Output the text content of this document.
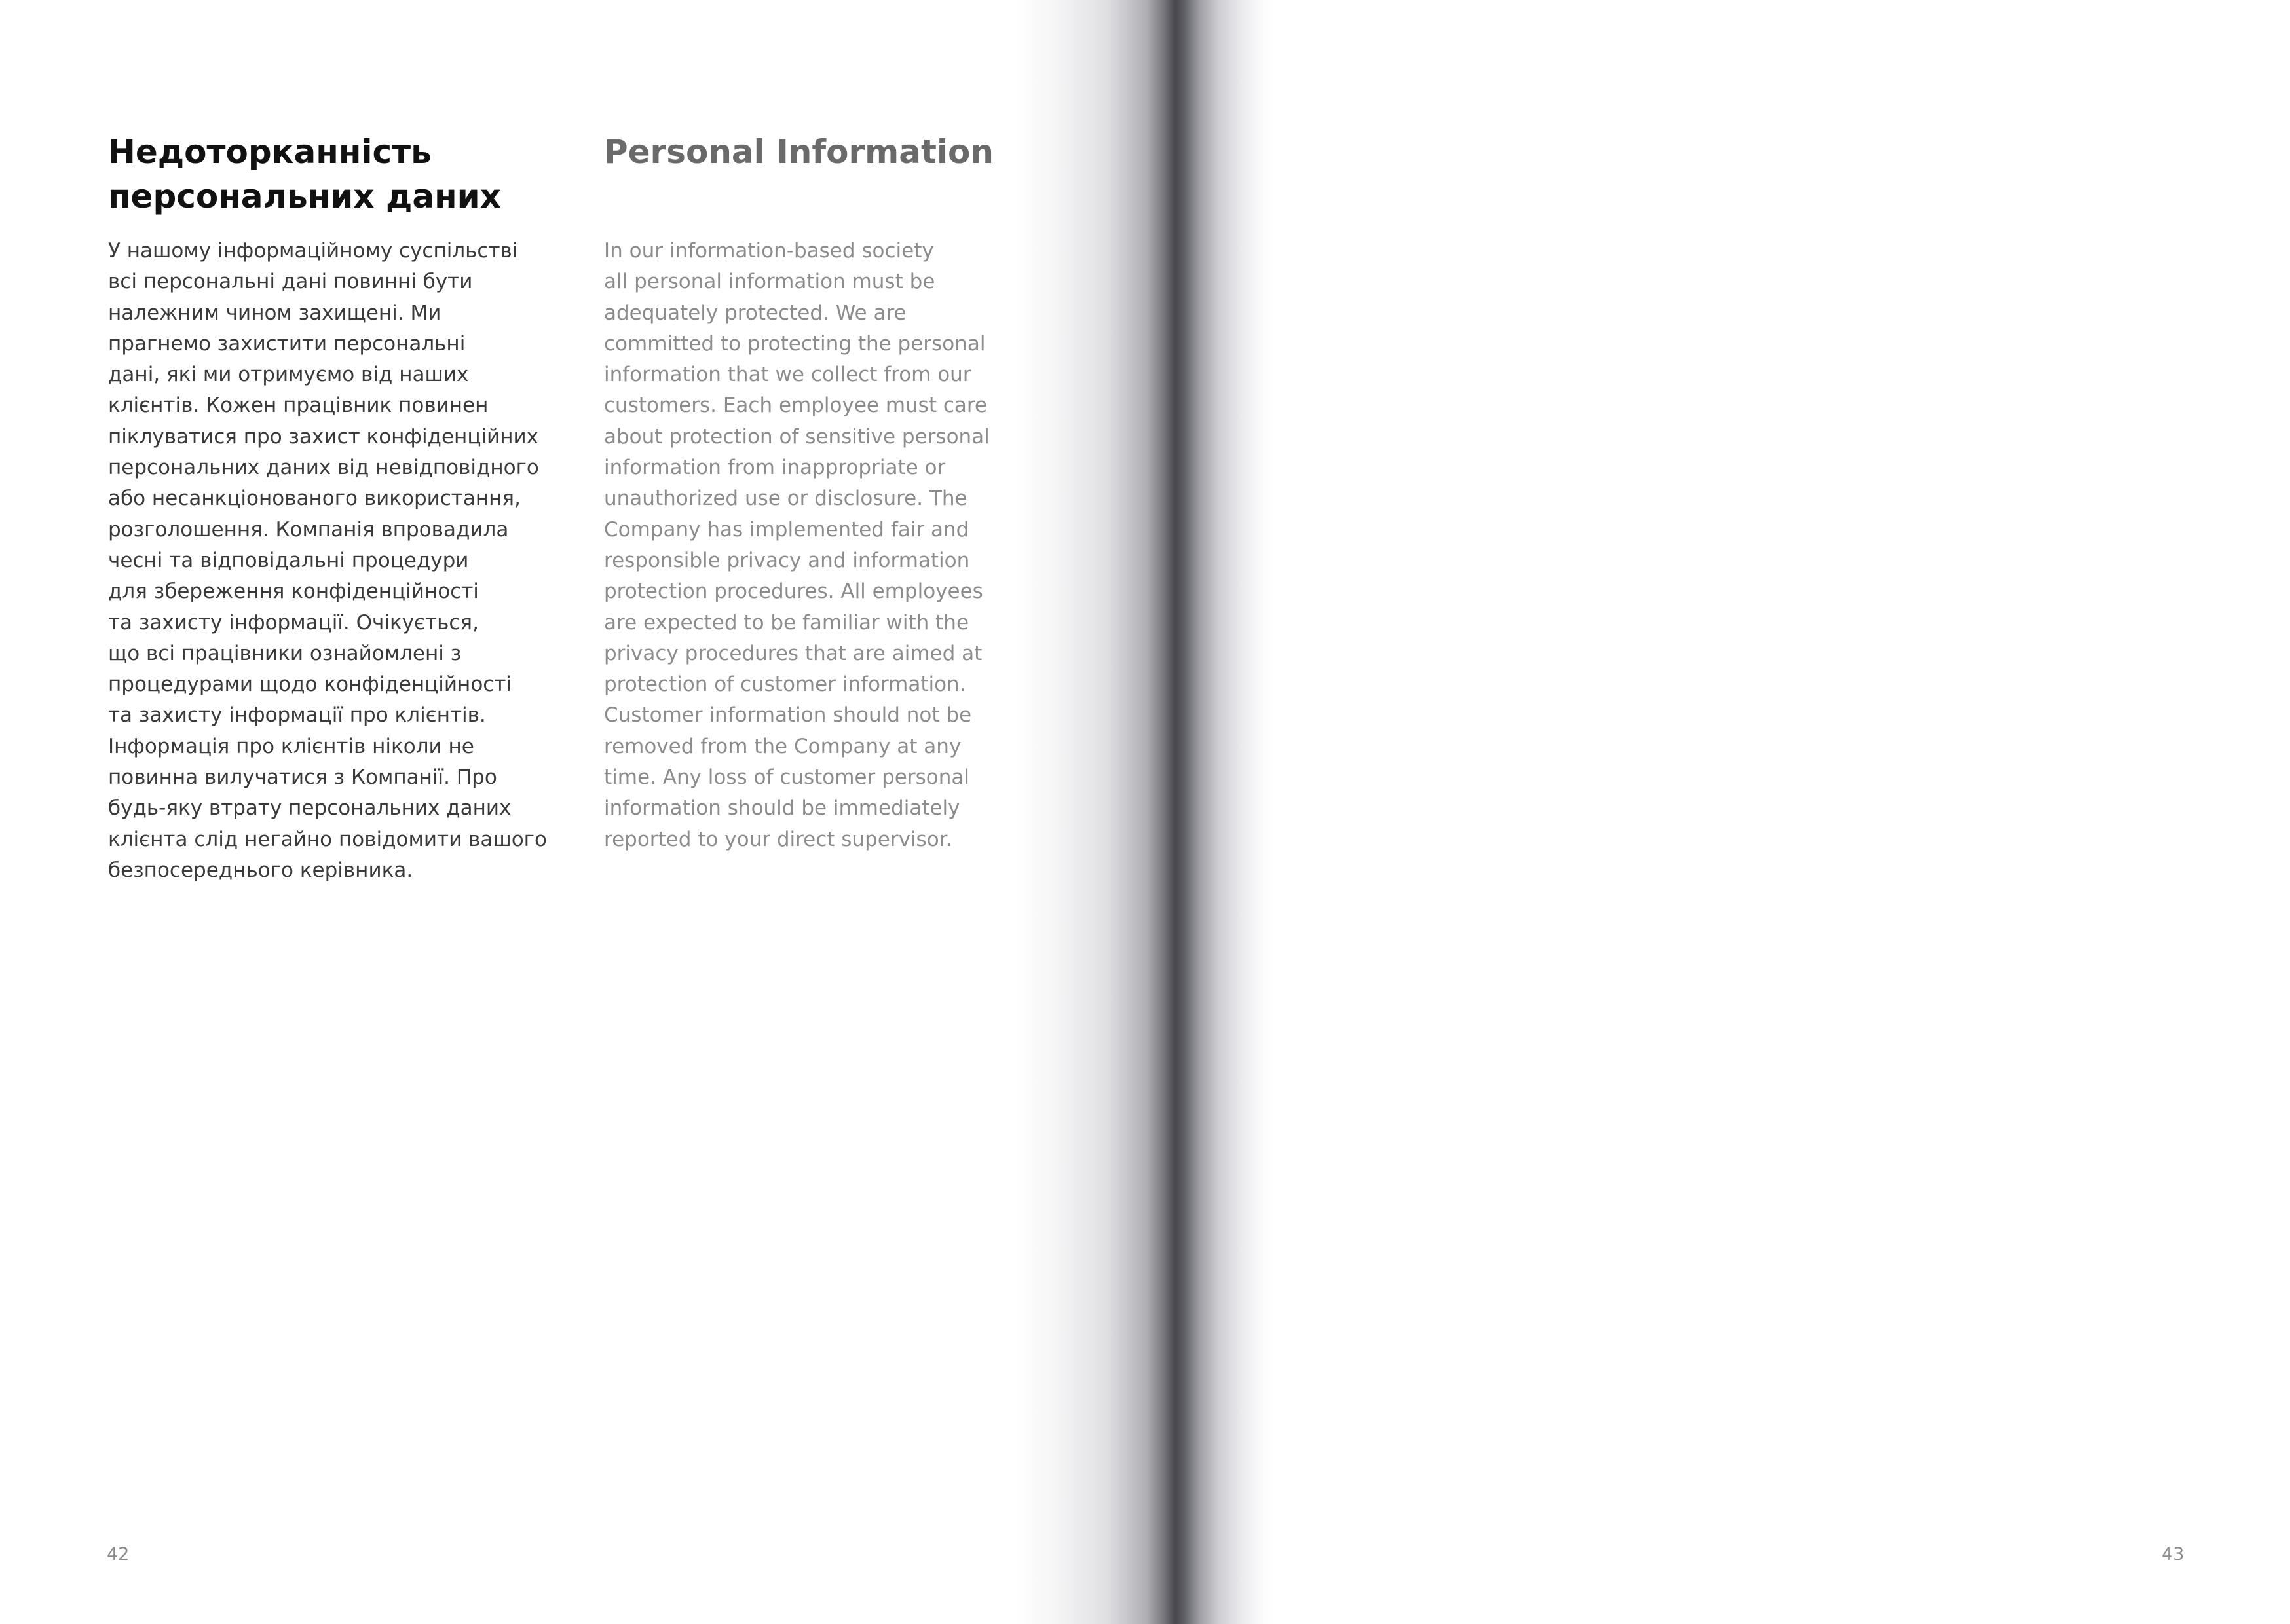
Недоторканність
персональних даних
Personal Information

У нашому інформаційному суспільстві
всі персональні дані повинні бути
належним чином захищені. Ми
прагнемо захистити персональні
дані, які ми отримуємо від наших
клієнтів. Кожен працівник повинен
піклуватися про захист конфіденційних
персональних даних від невідповідного
або несанкціонованого використання,
розголошення. Компанія впровадила
чесні та відповідальні процедури
для збереження конфіденційності
та захисту інформації. Очікується,
що всі працівники ознайомлені з
процедурами щодо конфіденційності
та захисту інформації про клієнтів.
Інформація про клієнтів ніколи не
повинна вилучатися з Компанії. Про
будь-яку втрату персональних даних
клієнта слід негайно повідомити вашого
безпосереднього керівника.

In our information-based society
all personal information must be
adequately protected. We are
committed to protecting the personal
information that we collect from our
customers. Each employee must care
about protection of sensitive personal
information from inappropriate or
unauthorized use or disclosure. The
Company has implemented fair and
responsible privacy and information
protection procedures. All employees
are expected to be familiar with the
privacy procedures that are aimed at
protection of customer information.
Customer information should not be
removed from the Company at any
time. Any loss of customer personal
information should be immediately
reported to your direct supervisor.

42	43
